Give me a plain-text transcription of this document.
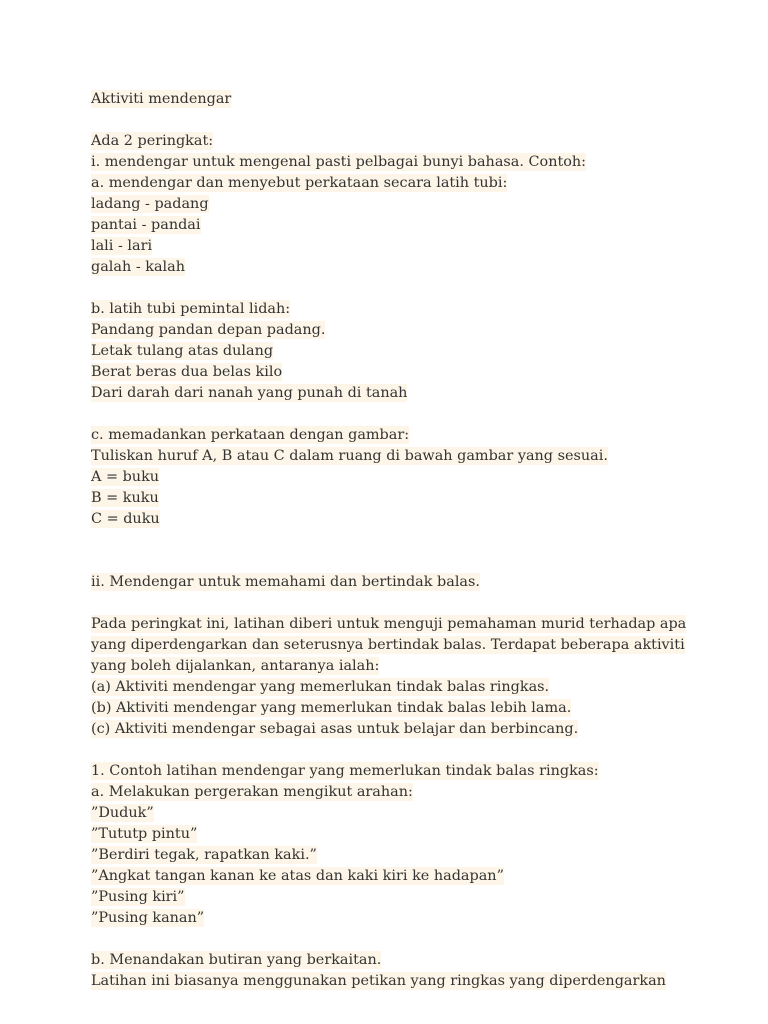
Aktiviti mendengar
Ada 2 peringkat:
i. mendengar untuk mengenal pasti pelbagai bunyi bahasa. Contoh:
a. mendengar dan menyebut perkataan secara latih tubi:
ladang - padang
pantai - pandai
lali - lari
galah - kalah
b. latih tubi pemintal lidah:
Pandang pandan depan padang.
Letak tulang atas dulang
Berat beras dua belas kilo
Dari darah dari nanah yang punah di tanah
c. memadankan perkataan dengan gambar:
Tuliskan huruf A, B atau C dalam ruang di bawah gambar yang sesuai.
A = buku
B = kuku
C = duku
ii. Mendengar untuk memahami dan bertindak balas.
Pada peringkat ini, latihan diberi untuk menguji pemahaman murid terhadap apa
yang diperdengarkan dan seterusnya bertindak balas. Terdapat beberapa aktiviti
yang boleh dijalankan, antaranya ialah:
(a) Aktiviti mendengar yang memerlukan tindak balas ringkas.
(b) Aktiviti mendengar yang memerlukan tindak balas lebih lama.
(c) Aktiviti mendengar sebagai asas untuk belajar dan berbincang.
1. Contoh latihan mendengar yang memerlukan tindak balas ringkas:
a. Melakukan pergerakan mengikut arahan:
”Duduk”
”Tututp pintu”
”Berdiri tegak, rapatkan kaki.”
”Angkat tangan kanan ke atas dan kaki kiri ke hadapan”
”Pusing kiri”
”Pusing kanan”
b. Menandakan butiran yang berkaitan.
Latihan ini biasanya menggunakan petikan yang ringkas yang diperdengarkan
